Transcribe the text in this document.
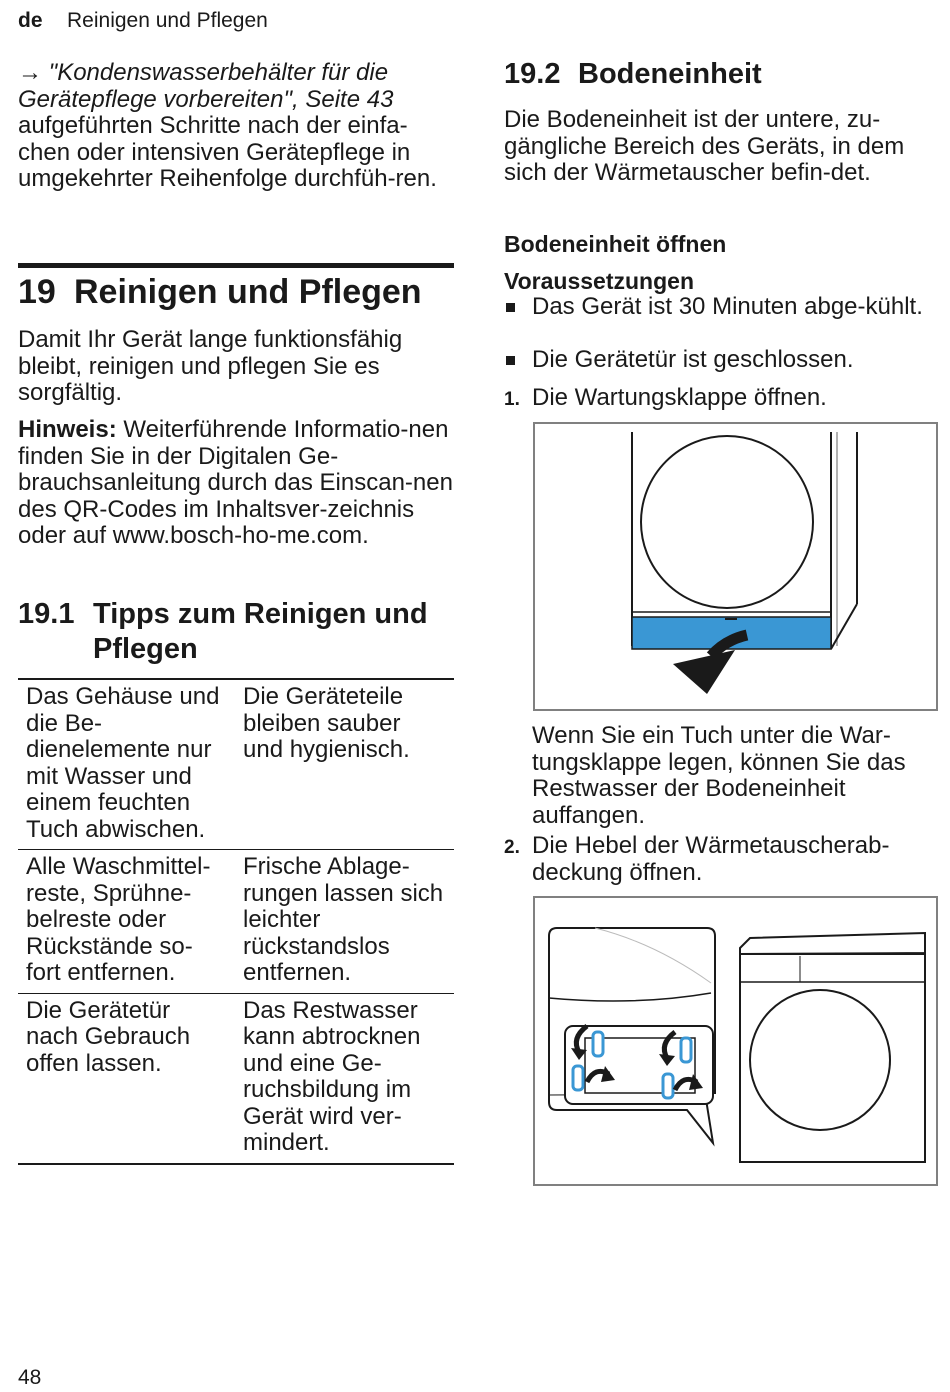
de Reinigen und Pflegen
→ "Kondenswasserbehälter für die Gerätepflege vorbereiten", Seite 43 aufgeführten Schritte nach der einfa-chen oder intensiven Gerätepflege in umgekehrter Reihenfolge durchfüh-ren.
19 Reinigen und Pflegen
Damit Ihr Gerät lange funktionsfähig bleibt, reinigen und pflegen Sie es sorgfältig.
Hinweis: Weiterführende Informatio-nen finden Sie in der Digitalen Ge-brauchsanleitung durch das Einscan-nen des QR-Codes im Inhaltsver-zeichnis oder auf www.bosch-ho-me.com.
19.1 Tipps zum Reinigen und Pflegen
Das Gehäuse und die Be-dienelemente nur mit Wasser und einem feuchten Tuch abwischen.	Die Geräteteile bleiben sauber und hygienisch.
Alle Waschmittel-reste, Sprühne-belreste oder Rückstände so-fort entfernen.	Frische Ablage-rungen lassen sich leichter rückstandslos entfernen.
Die Gerätetür nach Gebrauch offen lassen.	Das Restwasser kann abtrocknen und eine Ge-ruchsbildung im Gerät wird ver-mindert.
19.2 Bodeneinheit
Die Bodeneinheit ist der untere, zu-gängliche Bereich des Geräts, in dem sich der Wärmetauscher befin-det.
Bodeneinheit öffnen
Voraussetzungen
Das Gerät ist 30 Minuten abge-kühlt.
Die Gerätetür ist geschlossen.
1. Die Wartungsklappe öffnen.
Wenn Sie ein Tuch unter die War-tungsklappe legen, können Sie das Restwasser der Bodeneinheit auffangen.
2. Die Hebel der Wärmetauscherab-deckung öffnen.
48
